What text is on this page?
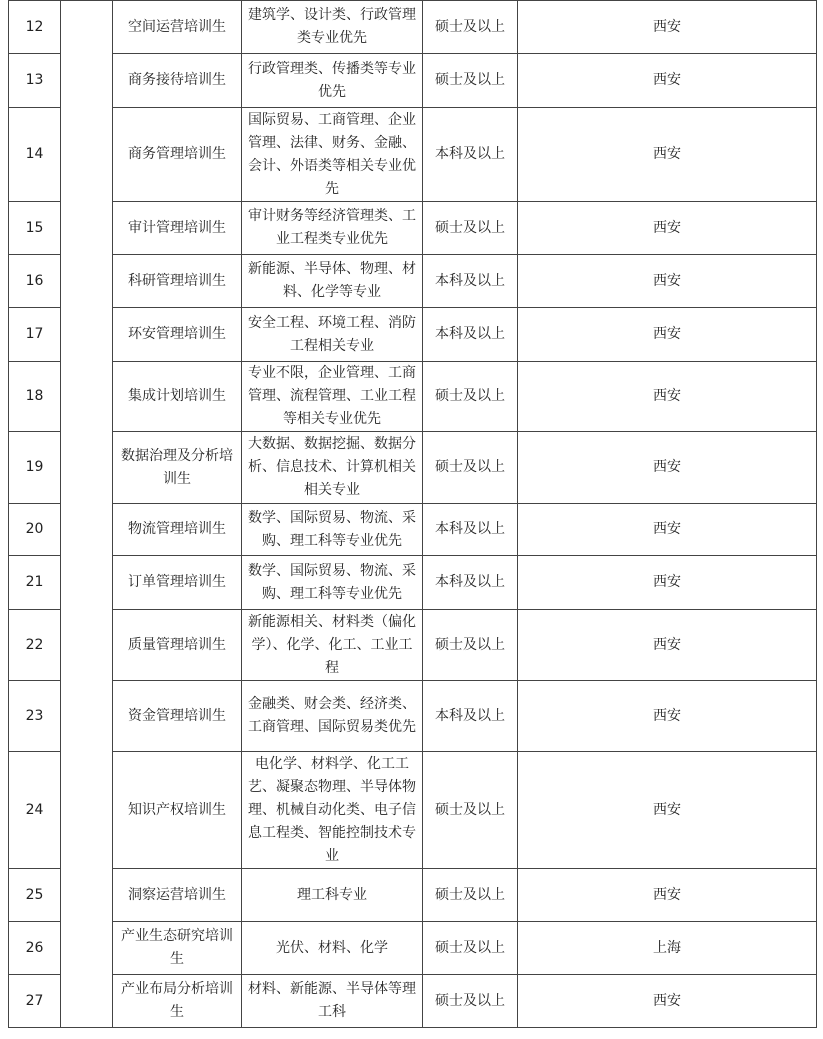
12		空间运营培训生	建筑学、设计类、行政管理类专业优先	硕士及以上	西安
13		商务接待培训生	行政管理类、传播类等专业优先	硕士及以上	西安
14		商务管理培训生	国际贸易、工商管理、企业管理、法律、财务、金融、会计、外语类等相关专业优先	本科及以上	西安
15		审计管理培训生	审计财务等经济管理类、工业工程类专业优先	硕士及以上	西安
16		科研管理培训生	新能源、半导体、物理、材料、化学等专业	本科及以上	西安
17		环安管理培训生	安全工程、环境工程、消防工程相关专业	本科及以上	西安
18		集成计划培训生	专业不限，企业管理、工商管理、流程管理、工业工程等相关专业优先	硕士及以上	西安
19		数据治理及分析培训生	大数据、数据挖掘、数据分析、信息技术、计算机相关相关专业	硕士及以上	西安
20		物流管理培训生	数学、国际贸易、物流、采购、理工科等专业优先	本科及以上	西安
21		订单管理培训生	数学、国际贸易、物流、采购、理工科等专业优先	本科及以上	西安
22		质量管理培训生	新能源相关、材料类（偏化学）、化学、化工、工业工程	硕士及以上	西安
23		资金管理培训生	金融类、财会类、经济类、工商管理、国际贸易类优先	本科及以上	西安
24		知识产权培训生	电化学、材料学、化工工艺、凝聚态物理、半导体物理、机械自动化类、电子信息工程类、智能控制技术专业	硕士及以上	西安
25		洞察运营培训生	理工科专业	硕士及以上	西安
26		产业生态研究培训生	光伏、材料、化学	硕士及以上	上海
27		产业布局分析培训生	材料、新能源、半导体等理工科	硕士及以上	西安
